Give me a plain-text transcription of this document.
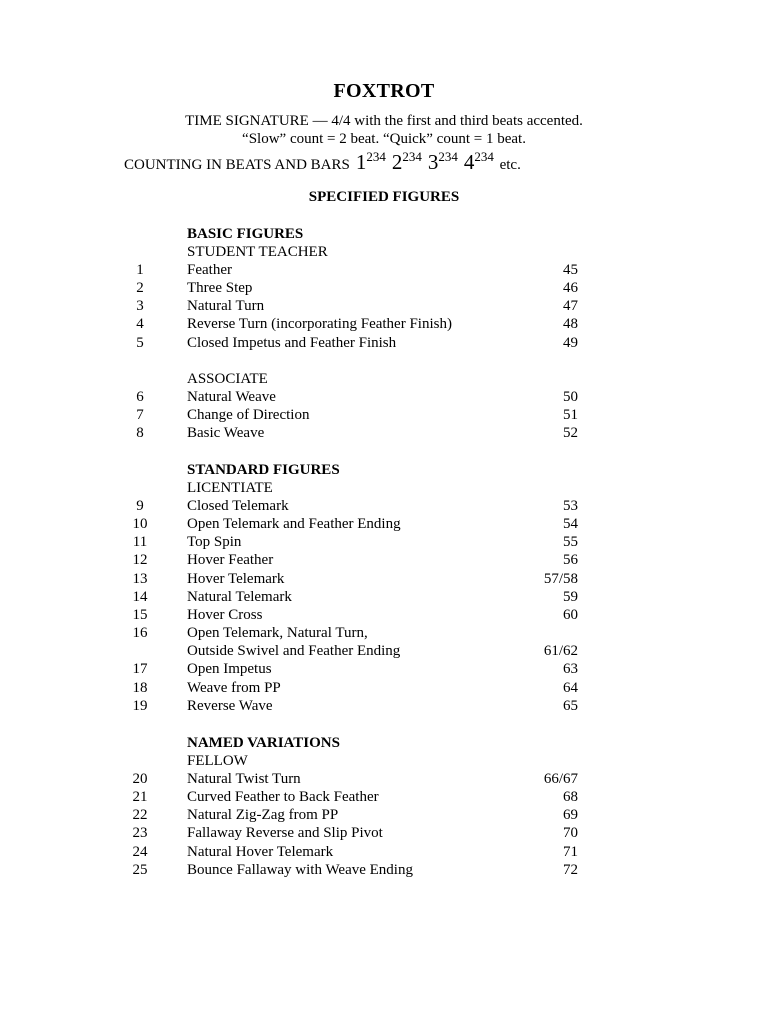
FOXTROT
TIME SIGNATURE — 4/4 with the first and third beats accented.
“Slow” count = 2 beat. “Quick” count = 1 beat.
COUNTING IN BEATS AND BARS 1234 2234 3234 4234 etc.
SPECIFIED FIGURES
BASIC FIGURES
STUDENT TEACHER
1	Feather	45
2	Three Step	46
3	Natural Turn	47
4	Reverse Turn (incorporating Feather Finish)	48
5	Closed Impetus and Feather Finish	49
ASSOCIATE
6	Natural Weave	50
7	Change of Direction	51
8	Basic Weave	52
STANDARD FIGURES
LICENTIATE
9	Closed Telemark	53
10	Open Telemark and Feather Ending	54
11	Top Spin	55
12	Hover Feather	56
13	Hover Telemark	57/58
14	Natural Telemark	59
15	Hover Cross	60
16	Open Telemark, Natural Turn,
Outside Swivel and Feather Ending	61/62
17	Open Impetus	63
18	Weave from PP	64
19	Reverse Wave	65
NAMED VARIATIONS
FELLOW
20	Natural Twist Turn	66/67
21	Curved Feather to Back Feather	68
22	Natural Zig-Zag from PP	69
23	Fallaway Reverse and Slip Pivot	70
24	Natural Hover Telemark	71
25	Bounce Fallaway with Weave Ending	72
